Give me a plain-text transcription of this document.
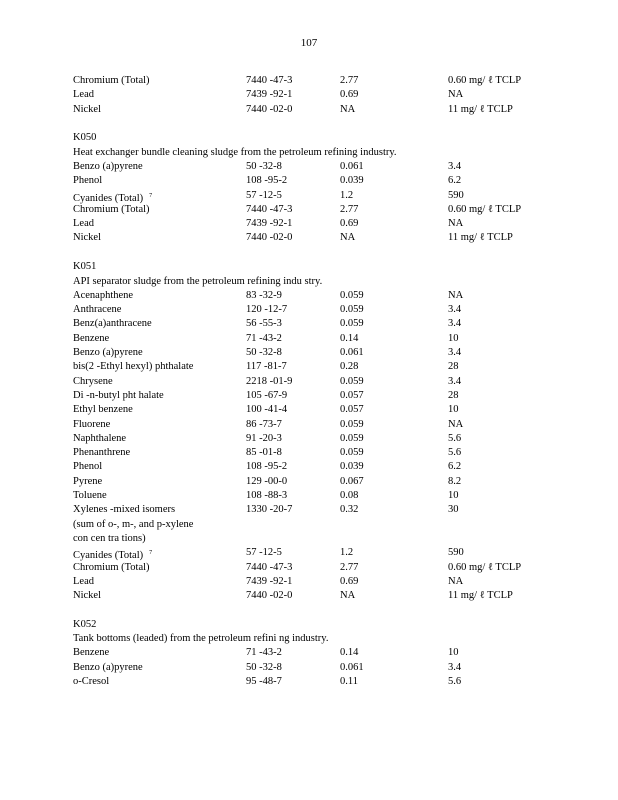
107
Chromium (Total)	7440 -47-3	2.77	0.60 mg/ ℓ TCLP
Lead	7439 -92-1	0.69	NA
Nickel	7440 -02-0	NA	11 mg/ ℓ TCLP
K050
Heat exchanger bundle cleaning sludge from the petroleum refining industry.
Benzo (a)pyrene	50 -32-8	0.061	3.4
Phenol	108 -95-2	0.039	6.2
Cyanides (Total) $^7$	57 -12-5	1.2	590
Chromium (Total)	7440 -47-3	2.77	0.60 mg/ ℓ TCLP
Lead	7439 -92-1	0.69	NA
Nickel	7440 -02-0	NA	11 mg/ ℓ TCLP
K051
API separator sludge from the petroleum refining indu stry.
Acenaphthene	83 -32-9	0.059	NA
Anthracene	120 -12-7	0.059	3.4
Benz(a)anthracene	56 -55-3	0.059	3.4
Benzene	71 -43-2	0.14	10
Benzo (a)pyrene	50 -32-8	0.061	3.4
bis(2 -Ethyl hexyl) phthalate	117 -81-7	0.28	28
Chrysene	2218 -01-9	0.059	3.4
Di -n-butyl pht halate	105 -67-9	0.057	28
Ethyl benzene	100 -41-4	0.057	10
Fluorene	86 -73-7	0.059	NA
Naphthalene	91 -20-3	0.059	5.6
Phenanthrene	85 -01-8	0.059	5.6
Phenol	108 -95-2	0.039	6.2
Pyrene	129 -00-0	0.067	8.2
Toluene	108 -88-3	0.08	10
Xylenes -mixed isomers	1330 -20-7	0.32	30
(sum of o-, m-, and p-xylene
con cen tra tions)
Cyanides (Total) $^7$	57 -12-5	1.2	590
Chromium (Total)	7440 -47-3	2.77	0.60 mg/ ℓ TCLP
Lead	7439 -92-1	0.69	NA
Nickel	7440 -02-0	NA	11 mg/ ℓ TCLP
K052
Tank bottoms (leaded) from the petroleum refini ng industry.
Benzene	71 -43-2	0.14	10
Benzo (a)pyrene	50 -32-8	0.061	3.4
o-Cresol	95 -48-7	0.11	5.6
